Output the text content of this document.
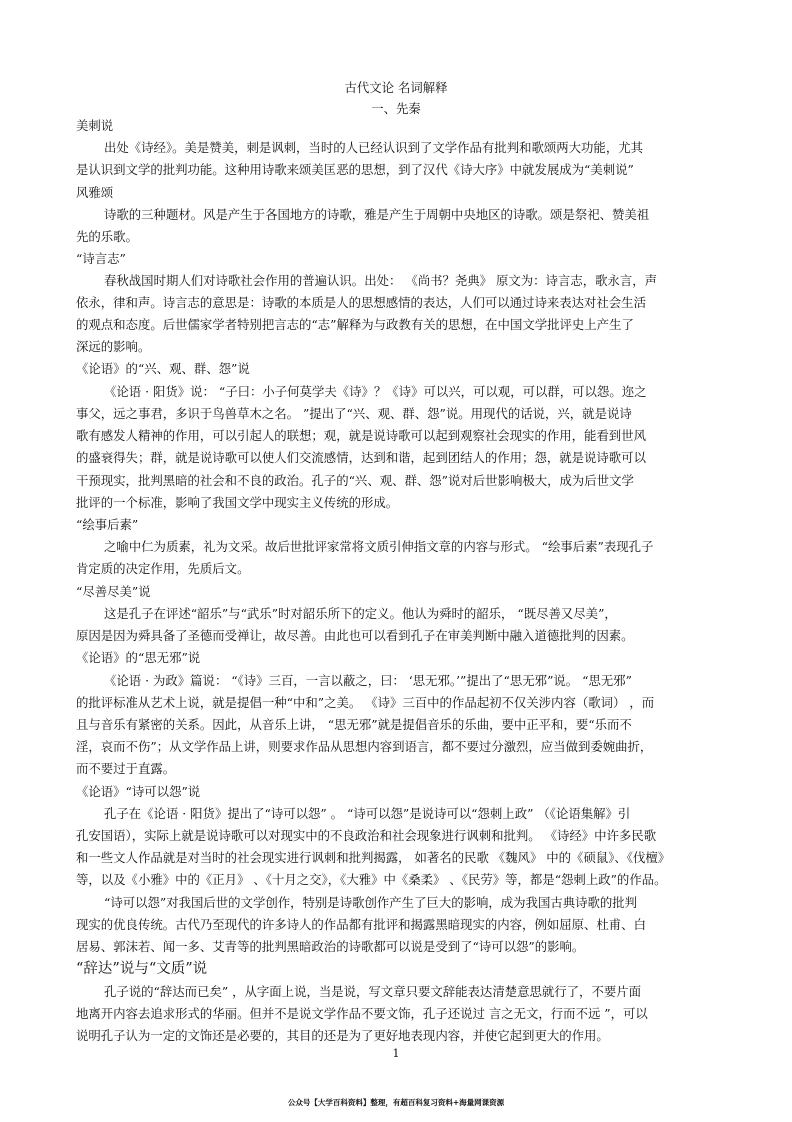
古代文论 名词解释
一、先秦
美刺说
出处《诗经》。美是赞美，刺是讽刺，当时的人已经认识到了文学作品有批判和歌颂两大功能，尤其
是认识到文学的批判功能。这种用诗歌来颂美匡恶的思想，到了汉代《诗大序》中就发展成为“美刺说”
风雅颂
诗歌的三种题材。风是产生于各国地方的诗歌，雅是产生于周朝中央地区的诗歌。颂是祭祀、赞美祖
先的乐歌。
“诗言志”
春秋战国时期人们对诗歌社会作用的普遍认识。出处： 《尚书？尧典》 原文为：诗言志，歌永言，声
依永，律和声。诗言志的意思是：诗歌的本质是人的思想感情的表达，人们可以通过诗来表达对社会生活
的观点和态度。后世儒家学者特别把言志的“志”解释为与政教有关的思想，在中国文学批评史上产生了
深远的影响。
《论语》的“兴、观、群、怨”说
《论语 · 阳货》说： “子曰：小子何莫学夫《诗》？《诗》可以兴，可以观，可以群，可以怨。迩之
事父，远之事君，多识于鸟兽草木之名。 ”提出了“兴、观、群、怨”说。用现代的话说，兴，就是说诗
歌有感发人精神的作用，可以引起人的联想；观，就是说诗歌可以起到观察社会现实的作用，能看到世风
的盛衰得失；群，就是说诗歌可以使人们交流感情，达到和谐，起到团结人的作用；怨，就是说诗歌可以
干预现实，批判黑暗的社会和不良的政治。孔子的“兴、观、群、怨”说对后世影响极大，成为后世文学
批评的一个标准，影响了我国文学中现实主义传统的形成。
“绘事后素”
之喻中仁为质素，礼为文采。故后世批评家常将文质引伸指文章的内容与形式。 “绘事后素”表现孔子
肯定质的决定作用，先质后文。
“尽善尽美”说
这是孔子在评述“韶乐”与“武乐”时对韶乐所下的定义。他认为舜时的韶乐， “既尽善又尽美”，
原因是因为舜具备了圣德而受禅让，故尽善。由此也可以看到孔子在审美判断中融入道德批判的因素。
《论语》的“思无邪”说
《论语 · 为政》篇说： “《诗》三百，一言以蔽之，曰： ‘思无邪。’”提出了“思无邪”说。 “思无邪”
的批评标准从艺术上说，就是提倡一种“中和”之美。 《诗》三百中的作品起初不仅关涉内容（歌词） ，而
且与音乐有紧密的关系。因此，从音乐上讲， “思无邪”就是提倡音乐的乐曲，要中正平和，要“乐而不
淫，哀而不伤”；从文学作品上讲，则要求作品从思想内容到语言，都不要过分激烈，应当做到委婉曲折，
而不要过于直露。
《论语》“诗可以怨”说
孔子在《论语 · 阳货》提出了“诗可以怨” 。 “诗可以怨”是说诗可以“怨刺上政” （《论语集解》引
孔安国语），实际上就是说诗歌可以对现实中的不良政治和社会现象进行讽刺和批判。 《诗经》中许多民歌
和一些文人作品就是对当时的社会现实进行讽刺和批判揭露， 如著名的民歌 《魏风》 中的《硕鼠》、《伐檀》
等，以及《小雅》中的《正月》 、《十月之交》，《大雅》中《桑柔》 、《民劳》等，都是“怨刺上政”的作品。
“诗可以怨”对我国后世的文学创作，特别是诗歌创作产生了巨大的影响，成为我国古典诗歌的批判
现实的优良传统。古代乃至现代的许多诗人的作品都有批评和揭露黑暗现实的内容，例如屈原、杜甫、白
居易、郭沫若、闻一多、艾青等的批判黑暗政治的诗歌都可以说是受到了“诗可以怨”的影响。
“辞达”说与“文质”说
孔子说的“辞达而已矣” ，从字面上说，当是说，写文章只要文辞能表达清楚意思就行了，不要片面
地离开内容去追求形式的华丽。但并不是说文学作品不要文饰，孔子还说过 言之无文，行而不远 ”，可以
说明孔子认为一定的文饰还是必要的，其目的还是为了更好地表现内容，并使它起到更大的作用。
1
公众号【大学百科资料】整理，有超百科复习资料+海量网课资源
